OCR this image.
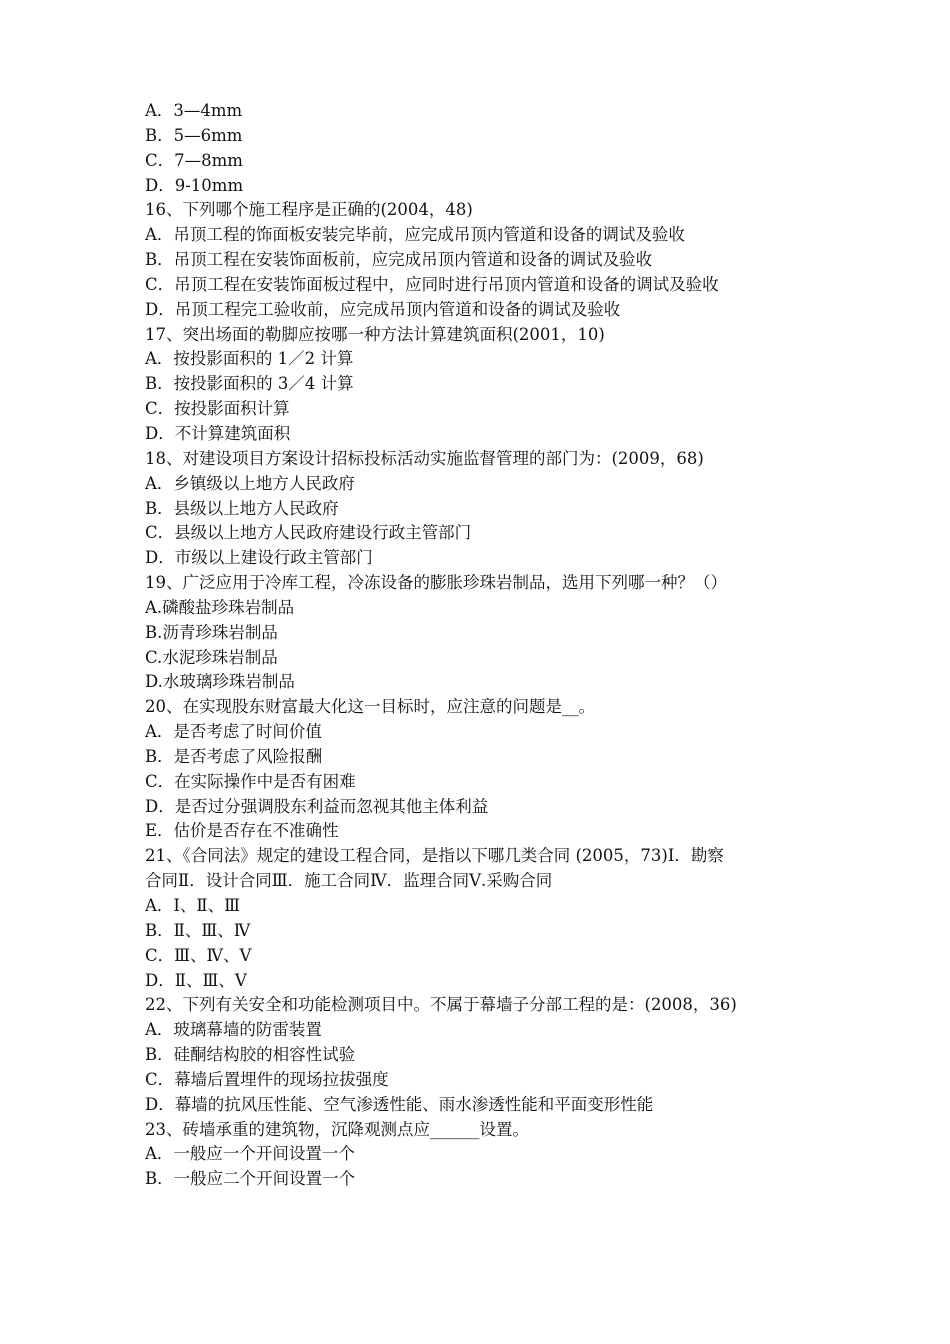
A．3—4mm
B．5—6mm
C．7—8mm
D．9-10mm
16、下列哪个施工程序是正确的(2004，48)
A．吊顶工程的饰面板安装完毕前，应完成吊顶内管道和设备的调试及验收
B．吊顶工程在安装饰面板前，应完成吊顶内管道和设备的调试及验收
C．吊顶工程在安装饰面板过程中，应同时进行吊顶内管道和设备的调试及验收
D．吊顶工程完工验收前，应完成吊顶内管道和设备的调试及验收
17、突出场面的勒脚应按哪一种方法计算建筑面积(2001，10)
A．按投影面积的 1／2 计算
B．按投影面积的 3／4 计算
C．按投影面积计算
D．不计算建筑面积
18、对建设项目方案设计招标投标活动实施监督管理的部门为：(2009，68)
A．乡镇级以上地方人民政府
B．县级以上地方人民政府
C．县级以上地方人民政府建设行政主管部门
D．市级以上建设行政主管部门
19、广泛应用于冷库工程，冷冻设备的膨胀珍珠岩制品，选用下列哪一种？（）
A.磷酸盐珍珠岩制品
B.沥青珍珠岩制品
C.水泥珍珠岩制品
D.水玻璃珍珠岩制品
20、在实现股东财富最大化这一目标时，应注意的问题是__。
A．是否考虑了时间价值
B．是否考虑了风险报酬
C．在实际操作中是否有困难
D．是否过分强调股东利益而忽视其他主体利益
E．估价是否存在不准确性
21、《合同法》规定的建设工程合同，是指以下哪几类合同 (2005，73)Ⅰ．勘察
合同Ⅱ．设计合同Ⅲ．施工合同Ⅳ．监理合同Ⅴ.采购合同
A．Ⅰ、Ⅱ、Ⅲ
B．Ⅱ、Ⅲ、Ⅳ
C．Ⅲ、Ⅳ、Ⅴ
D．Ⅱ、Ⅲ、Ⅴ
22、下列有关安全和功能检测项目中。不属于幕墙子分部工程的是：(2008，36)
A．玻璃幕墙的防雷装置
B．硅酮结构胶的相容性试验
C．幕墙后置埋件的现场拉拔强度
D．幕墙的抗风压性能、空气渗透性能、雨水渗透性能和平面变形性能
23、砖墙承重的建筑物，沉降观测点应______设置。
A．一般应一个开间设置一个
B．一般应二个开间设置一个
